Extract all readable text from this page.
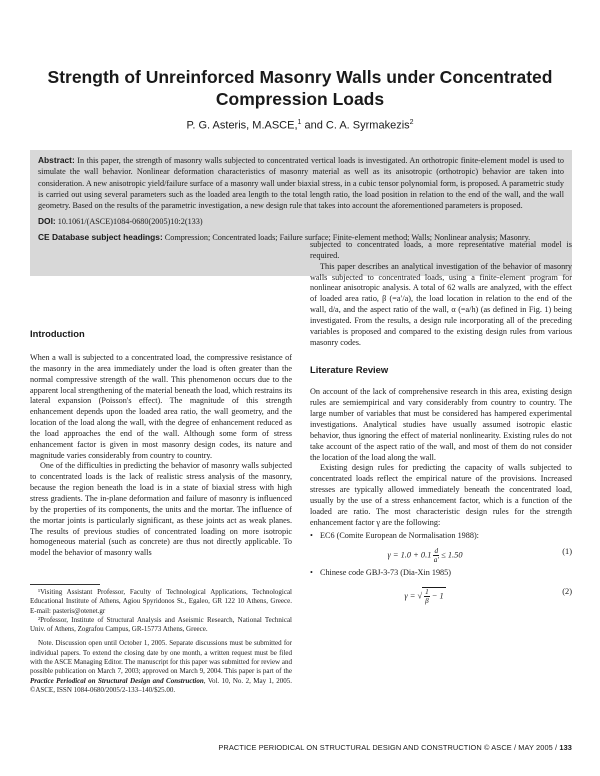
Strength of Unreinforced Masonry Walls under Concentrated Compression Loads
P. G. Asteris, M.ASCE,$^1$ and C. A. Syrmakezis$^2$

Abstract: In this paper, the strength of masonry walls subjected to concentrated vertical loads is investigated. An orthotropic finite-element model is used to simulate the wall behavior. Nonlinear deformation characteristics of masonry material as well as its anisotropic (orthotropic) behavior are taken into consideration. A new anisotropic yield/failure surface of a masonry wall under biaxial stress, in a cubic tensor polynomial form, is proposed. A parametric study is carried out using several parameters such as the loaded area length to the total length ratio, the load position in relation to the end of the wall, and the wall geometry. Based on the results of the parametric investigation, a new design rule that takes into account the aforementioned parameters is proposed.

DOI: 10.1061/(ASCE)1084-0680(2005)10:2(133)

CE Database subject headings: Compression; Concentrated loads; Failure surface; Finite-element method; Walls; Nonlinear analysis; Masonry.

Introduction

When a wall is subjected to a concentrated load, the compressive resistance of the masonry in the area immediately under the load is often greater than the normal compressive strength of the wall. This phenomenon occurs due to the apparent local strengthening of the material beneath the load, which restrains its lateral expansion (Poisson's effect). The magnitude of this strength enhancement depends upon the loaded area ratio, the wall geometry, and the location of the load along the wall, with the degree of enhancement reduced as the load approaches the end of the wall. Although some form of stress enhancement factor is given in most masonry design codes, its nature and magnitude varies considerably from country to country.

One of the difficulties in predicting the behavior of masonry walls subjected to concentrated loads is the lack of realistic stress analysis of the masonry, because the region beneath the load is in a state of biaxial stress with high stress gradients. The in-plane deformation and failure of masonry is influenced by the properties of its components, the units and the mortar. The influence of the mortar joints is particularly significant, as these joints act as weak planes. The results of previous studies of concentrated loading on more isotropic homogeneous material (such as concrete) are thus not directly applicable. To model the behavior of masonry walls

¹Visiting Assistant Professor, Faculty of Technological Applications, Technological Educational Institute of Athens, Agiou Spyridonos St., Egaleo, GR 122 10 Athens, Greece. E-mail: pasteris@otenet.gr

²Professor, Institute of Structural Analysis and Aseismic Research, National Technical Univ. of Athens, Zografou Campus, GR-15773 Athens, Greece.

Note. Discussion open until October 1, 2005. Separate discussions must be submitted for individual papers. To extend the closing date by one month, a written request must be filed with the ASCE Managing Editor. The manuscript for this paper was submitted for review and possible publication on March 7, 2003; approved on March 9, 2004. This paper is part of the Practice Periodical on Structural Design and Construction, Vol. 10, No. 2, May 1, 2005. ©ASCE, ISSN 1084-0680/2005/2-133–140/$25.00.

subjected to concentrated loads, a more representative material model is required.

This paper describes an analytical investigation of the behavior of masonry walls subjected to concentrated loads, using a finite-element program for nonlinear anisotropic analysis. A total of 62 walls are analyzed, with the effect of loaded area ratio, β (=a′/a), the load location in relation to the end of the wall, d/a, and the aspect ratio of the wall, α (=a/h) (as defined in Fig. 1) being investigated. From the results, a design rule incorporating all of the preceding variables is proposed and compared to the existing design rules from various masonry codes.

Literature Review

On account of the lack of comprehensive research in this area, existing design rules are semiempirical and vary considerably from country to country. The large number of variables that must be considered has hampered experimental investigations. Analytical studies have usually assumed isotropic elastic behavior, thus ignoring the effect of material nonlinearity. Existing rules do not take account of the aspect ratio of the wall, and most of them do not consider the location of the load along the wall.

Existing design rules for predicting the capacity of walls subjected to concentrated loads reflect the empirical nature of the provisions. Increased stresses are typically allowed immediately beneath the concentrated load, usually by the use of a stress enhancement factor, which is a function of the loaded are ratio. The most characteristic design rules for the strength enhancement factor γ are the following:

• EC6 (Comite European de Normalisation 1988):
$\gamma = 1.0 + 0.1 \frac{d}{a'} \le 1.50$	(1)
• Chinese code GBJ-3-73 (Dia-Xin 1985)
γ = √ $\frac{1}{\beta} - 1$	(2)
PRACTICE PERIODICAL ON STRUCTURAL DESIGN AND CONSTRUCTION © ASCE / MAY 2005 / 133
